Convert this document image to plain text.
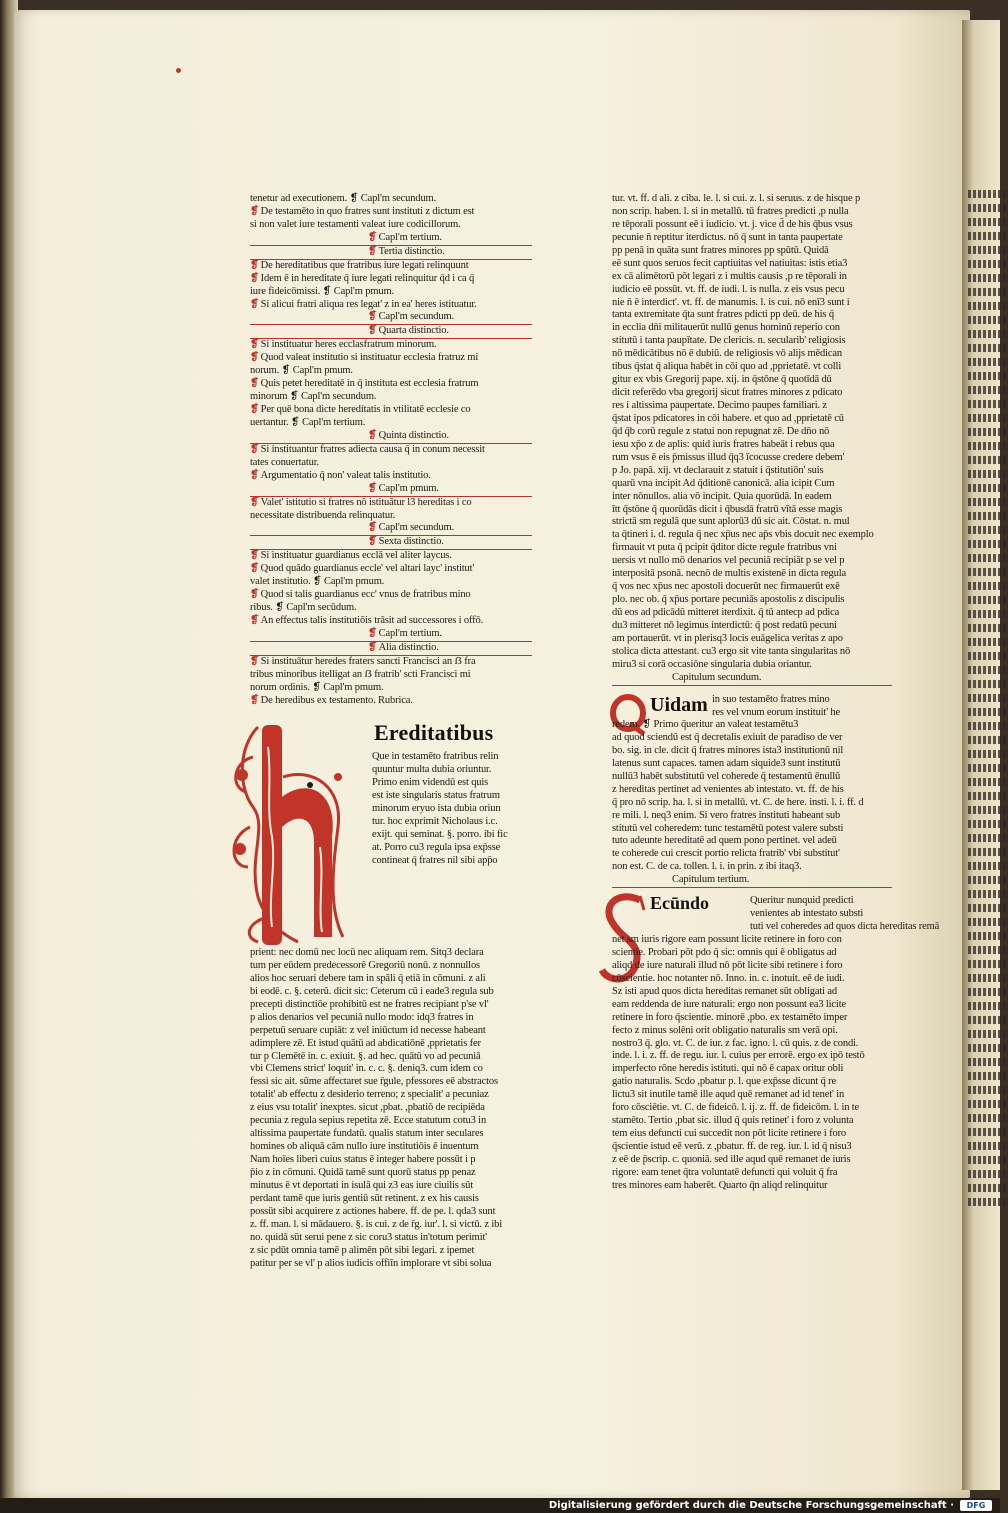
tenetur ad executionem. ❡ Capl'm secundum.
❡ De testamēto in quo fratres sunt instituti z dictum est
si non valet iure testamenti valeat iure codicillorum.
❡ Capl'm tertium.
❡ Tertia distinctio.
❡ De hereditatibus que fratribus iure legati relinquunt
❡ Idem ē in hereditate q̄ iure legati relinquitur q̄d i ca q̄
iure fideicōmissi. ❡ Capl'm pmum.
❡ Si alicui fratri aliqua res legat' z in ea' heres istituatur.
❡ Capl'm secundum.
❡ Quarta distinctio.
❡ Si instituatur heres ecclasfratrum minorum.
❡ Quod valeat institutio si instituatur ecclesia fratruz mi
norum. ❡ Capl'm pmum.
❡ Quis petet hereditatē in q̄ instituta est ecclesia fratrum
minorum ❡ Capl'm secundum.
❡ Per quē bona dicte hereditatis in vtilitatē ecclesie co
uertantur. ❡ Capl'm tertium.
❡ Quinta distinctio.
❡ Si instituantur fratres adiecta causa q̄ in conum necessit
tates conuertatur.
❡ Argumentatio q̄ non' valeat talis institutio.
❡ Capl'm pmum.
❡ Valet' istitutio si fratres nō istituātur l3 hereditas i co
necessitate distribuenda relinquatur.
❡ Capl'm secundum.
❡ Sexta distinctio.
❡ Si instituatur guardianus ecclā vel aliter laycus.
❡ Quod quādo guardianus eccle' vel altari layc' institut'
valet institutio. ❡ Capl'm pmum.
❡ Quod si talis guardianus ecc' vnus de fratribus mino
ribus. ❡ Capl'm secūdum.
❡ An effectus talis institutiōis trāsit ad successores i offō.
❡ Capl'm tertium.
❡ Alia distinctio.
❡ Si instituātur heredes fraters sancti Francisci an ẞ fra
tribus minoribus itelligat an ẞ fratrib' scti Francisci mi
norum ordinis. ❡ Capl'm pmum.
❡ De heredibus ex testamento. Rubrica.
Ereditatibus
Que in testamēto fratribus relin
quuntur multa dubia oriuntur.
Primo enim videndū est quis
est iste singularis status fratrum
minorum eryuo ista dubia oriun
tur. hoc exprimit Nicholaus i.c.
exijt. qui seminat. §. porro. ibi fic
at. Porro cu3 regula ipsa exp̄sse
contineat q̄ fratres nil sibi app̄o
prient: nec domū nec locū nec aliquam rem. Sitq3 declara
tum per eūdem predecessorē Gregoriū nonū. z nonnullos
alios hoc seruari debere tam in spāli q̄ etiā in cōmuni. z ali
bi eodē. c. §. ceterū. dicit sic: Ceterum cū i eade3 regula sub
precepti distinctiōe prohibitū est ne fratres recipiant p'se vl'
p alios denarios vel pecuniā nullo modo: idq3 fratres in
perpetuū seruare cupiāt: z vel iniūctum id necesse habeant
adimplere zē. Et istud quātū ad abdicatiōnē ,pprietatis fer
tur p Clemētē in. c. exiuit. §. ad hec. quātū vo ad pecuniā
vbi Clemens strict' loquit' in. c. c. §. deniq3. cum idem co
fessi sic ait. sūme affectaret sue r̄gule, pfessores eē abstractos
totalit' ab effectu z desiderio terreno; z specialit' a pecuniaz
z eius vsu totalit' inexptes. sicut ,pbat. ,pbatiō de recipiēda
pecunia z regula sepius repetita zē. Ecce statutum cotu3 in
altissima paupertate fundatū. qualis statum inter seculares
homines ob aliquā cām nullo iure institutiōis ē inuentum
Nam hoīes liberi cuius status ē integer habere possūt i p
p̄io z in cōmuni. Quidā tamē sunt quorū status pp penaz
minutus ē vt deportati in isulā qui z3 eas iure ciuilis sūt
perdant tamē que iuris gentiū sūt retinent. z ex his causis
possūt sibi acquirere z actiones habere. ff. de pe. l. qda3 sunt
z. ff. man. l. si mādauero. §. is cui. z de r̄g. iur'. l. si victū. z ibi
no. quidā sūt serui pene z sic coru3 status in'totum perimit'
z sic pdūt omnia tamē p alimēn pōt sibi legari. z ipemet
patitur per se vl' p alios iudicis offiīn implorare vt sibi solua
tur. vt. ff. d ali. z ciba. le. l. si cui. z. l. si seruus. z de hisque p
non scrip. haben. l. si in metallū. tū fratres predicti ,p nulla
re tēporali possunt eē i iudicio. vt. j. vice d̄ de his q̄bus vsus
pecunie n̄ reptitur iterdictus. nō q̄ sunt in tanta paupertate
pp penā in quāta sunt fratres minores pp spūtū. Quidā
eē sunt quos seruos fecit captiuitas vel natiuitas: istis etia3
ex cā alimētorū pōt legari z i multis causis ,p re tēporali in
iudicio eē possūt. vt. ff. de iudi. l. is nulla. z eis vsus pecu
nie n̄ ē interdict'. vt. ff. de manumis. l. is cui. nō enī3 sunt i
tanta extremitate q̄ta sunt fratres pdicti pp deū. de his q̄
in ecclia dn̄i militauerūt nullū genus hominū reperio con
stitutū i tanta paupītate. De clericis. n. secularib' religiosis
nō mēdicātibus nō ē dubiū. de religiosis vō alijs mēdican
tibus q̄stat q̄ aliqua habēt in cōi quo ad ,pprietatē. vt colli
gitur ex vbis Gregorij pape. xij. in q̄stōne q̄ quotīdā dū
dicit referēdo vba gregorij sicut fratres minores z pdicato
res i altissima paupertate. Decimo paupes familiari. z
q̄stat ipos pdicatores in cōi habere. et quo ad ,pprietatē cū
q̄d q̄b corū regule z statui non repugnat zē. De dn̄o nō
iesu xp̄o z de aplis: quid iuris fratres habeāt i rebus qua
rum vsus ē eis p̄missus illud q̄q3 īcocusse credere debem'
p Jo. papā. xij. vt declarauit z statuit i q̄stitutiōn' suis
quarū vna incipit Ad q̄ditionē canonicā. alia icipit Cum
inter nōnullos. alia vō incipit. Quia quorūdā. In eadem
ītt q̄stōne q̄ quorūdās dicit i q̄busdā fratrū vītā esse magis
strictā sm regulā que sunt aplorū3 dū sic ait. Cōstat. n. mul
ta q̄tineri i. d. regula q̄ nec xp̄us nec ap̄s vbis docuit nec exemplo
firmauit vt puta q̄ pcipit q̄ditor dicte regule fratribus vni
uersis vt nullo mō denarios vel pecuniā recipiāt p se vel p
interpositā psonā. necnō de multis existenē in dicta regula
q̄ vos nec xp̄us nec apostoli docuerūt nec firmauerūt exē
plo. nec ob. q̄ xp̄us portare pecuniās apostolis z discipulis
dū eos ad pdicādū mitteret iterdixit. q̄ tū antecp ad pdica
du3 mitteret nō legimus interdictū: q̄ post redatū pecuni
am portauerūt. vt in plerisq3 locis euāgelica veritas z apo
stolica dicta attestant. cu3 ergo sit vite tanta singularitas nō
miru3 si corā occasiōne singularia dubia oriantur.
Capitulum secundum.
Uidam in suo testamēto fratres mino
res vel vnum eorum instituit' he
redem. ❡ Primo q̄ueritur an valeat testamētu3
ad quod sciendū est q̄ decretalis exiuit de paradiso de ver
bo. sig. in cle. dicit q̄ fratres minores ista3 institutionū nil
latenus sunt capaces. tamen adam siquide3 sunt institutū
nullū3 habēt substitutū vel coherede q̄ testamentū ēnullū
z hereditas pertinet ad venientes ab intestato. vt. ff. de his
q̄ pro nō scrip. ha. l. si in metallū. vt. C. de here. insti. l. i. ff. d
re mili. l. neq3 enim. Si vero fratres instituti habeant sub
stitutū vel coheredem: tunc testamētū potest valere substi
tuto adeunte hereditatē ad quem pono pertinet. vel adeū
te coherede cui crescit portio relicta fratrib' vbi substitut'
non est. C. de ca. tollen. l. i. in prin. z ibi itaq3.
Capitulum tertium.
Ecūndo	Queritur nunquid predicti
venientes ab intestato substi
tuti vel coheredes ad quos dicta hereditas remā
net sm iuris rigore eam possunt licite retinere in foro con
scientie. Probari pōt pdo q̄ sic: omnis qui ē obligatus ad
aliqd de iure naturali illud nō pōt licite sibi retinere i foro
cōscientie. hoc notanter nō. Inno. in. c. inotuit. eē de iudi.
Sz isti apud quos dicta hereditas remanet sūt obligati ad
eam reddenda de iure naturali: ergo non possunt ea3 licite
retinere in foro q̄scientie. minorē ,pbo. ex testamēto imper
fecto z minus solēni orit obligatio naturalis sm verā opi.
nostro3 q̄. glo. vt. C. de iur. z fac. igno. l. cū quis. z de condi.
inde. l. i. z. ff. de regu. iur. l. cuius per errorē. ergo ex ipō testō
imperfecto rōne heredis istituti. qui nō ē capax oritur obli
gatio naturalis. Scdo ,pbatur p. l. que exp̄sse dicunt q̄ re
lictu3 sit inutile tamē ille aqud quē remanet ad id tenet' in
foro cōsciētie. vt. C. de fideicō. l. ij. z. ff. de fideicōm. l. in te
stamēto. Tertio ,pbat sic. illud q̄ quis retinet' i foro z volunta
tem eius defuncti cui succedit non pōt licite retinere i foro
q̄scientie istud eē verū. z ,pbatur. ff. de reg. iur. l. id q̄ nisu3
z eē de p̄scrip. c. quoniā. sed ille aqud quē remanet de iuris
rigore: eam tenet q̄tra voluntatē defuncti qui voluit q̄ fra
tres minores eam haberēt. Quarto q̄n aliqd relinquitur
Digitalisierung gefördert durch die Deutsche Forschungsgemeinschaft ·	DFG
